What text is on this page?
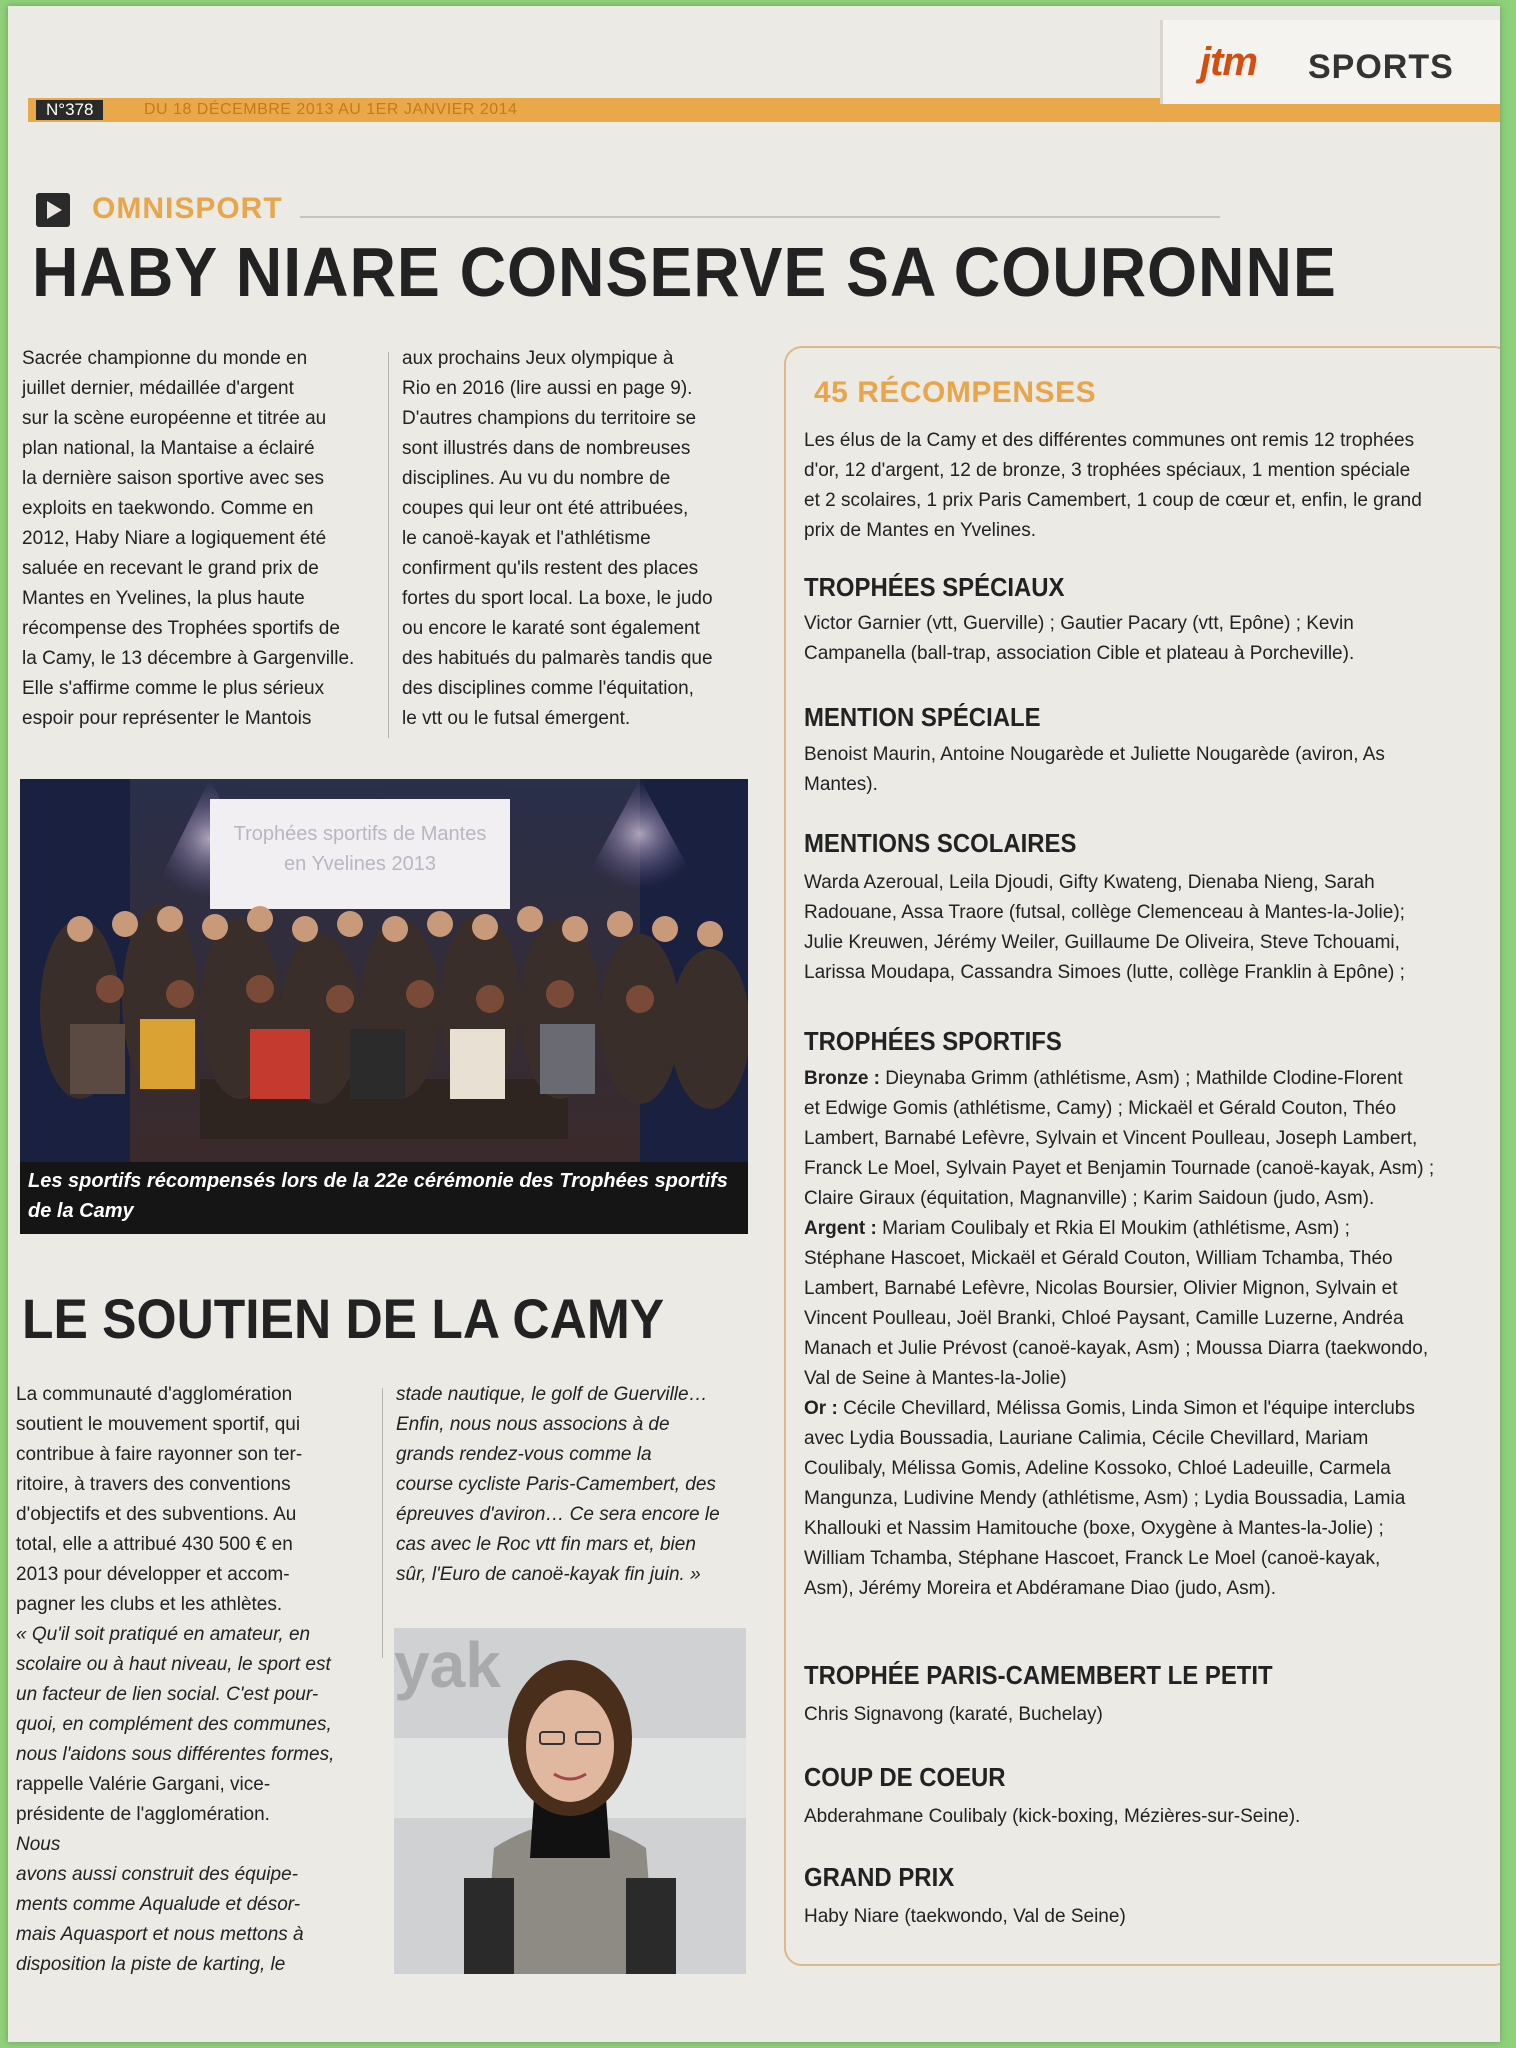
N°378	DU 18 DÉCEMBRE 2013 AU 1ER JANVIER 2014
jtm SPORTS
OMNISPORT
HABY NIARE CONSERVE SA COURONNE
Sacrée championne du monde en
juillet dernier, médaillée d'argent
sur la scène européenne et titrée au
plan national, la Mantaise a éclairé
la dernière saison sportive avec ses
exploits en taekwondo. Comme en
2012, Haby Niare a logiquement été
saluée en recevant le grand prix de
Mantes en Yvelines, la plus haute
récompense des Trophées sportifs de
la Camy, le 13 décembre à Gargenville.
Elle s'affirme comme le plus sérieux
espoir pour représenter le Mantois
aux prochains Jeux olympique à
Rio en 2016 (lire aussi en page 9).
D'autres champions du territoire se
sont illustrés dans de nombreuses
disciplines. Au vu du nombre de
coupes qui leur ont été attribuées,
le canoë-kayak et l'athlétisme
confirment qu'ils restent des places
fortes du sport local. La boxe, le judo
ou encore le karaté sont également
des habitués du palmarès tandis que
des disciplines comme l'équitation,
le vtt ou le futsal émergent.
Trophées sportifs de Mantes en Yvelines 2013
Les sportifs récompensés lors de la 22e cérémonie des Trophées sportifs de la Camy
LE SOUTIEN DE LA CAMY
La communauté d'agglomération
soutient le mouvement sportif, qui
contribue à faire rayonner son ter-
ritoire, à travers des conventions
d'objectifs et des subventions. Au
total, elle a attribué 430 500 € en
2013 pour développer et accom-
pagner les clubs et les athlètes.
« Qu'il soit pratiqué en amateur, en
scolaire ou à haut niveau, le sport est
un facteur de lien social. C'est pour-
quoi, en complément des communes,
nous l'aidons sous différentes formes,
rappelle Valérie Gargani, vice-
présidente de l'agglomération.
Nous
avons aussi construit des équipe-
ments comme Aqualude et désor-
mais Aquasport et nous mettons à
disposition la piste de karting, le
stade nautique, le golf de Guerville…
Enfin, nous nous associons à de
grands rendez-vous comme la
course cycliste Paris-Camembert, des
épreuves d'aviron… Ce sera encore le
cas avec le Roc vtt fin mars et, bien
sûr, l'Euro de canoë-kayak fin juin. »
yak
45 RÉCOMPENSES
Les élus de la Camy et des différentes communes ont remis 12 trophées
d'or, 12 d'argent, 12 de bronze, 3 trophées spéciaux, 1 mention spéciale
et 2 scolaires, 1 prix Paris Camembert, 1 coup de cœur et, enfin, le grand
prix de Mantes en Yvelines.
TROPHÉES SPÉCIAUX
Victor Garnier (vtt, Guerville) ; Gautier Pacary (vtt, Epône) ; Kevin
Campanella (ball-trap, association Cible et plateau à Porcheville).
MENTION SPÉCIALE
Benoist Maurin, Antoine Nougarède et Juliette Nougarède (aviron, As
Mantes).
MENTIONS SCOLAIRES
Warda Azeroual, Leila Djoudi, Gifty Kwateng, Dienaba Nieng, Sarah
Radouane, Assa Traore (futsal, collège Clemenceau à Mantes-la-Jolie);
Julie Kreuwen, Jérémy Weiler, Guillaume De Oliveira, Steve Tchouami,
Larissa Moudapa, Cassandra Simoes (lutte, collège Franklin à Epône) ;
TROPHÉES SPORTIFS
Bronze : Dieynaba Grimm (athlétisme, Asm) ; Mathilde Clodine-Florent
et Edwige Gomis (athlétisme, Camy) ; Mickaël et Gérald Couton, Théo
Lambert, Barnabé Lefèvre, Sylvain et Vincent Poulleau, Joseph Lambert,
Franck Le Moel, Sylvain Payet et Benjamin Tournade (canoë-kayak, Asm) ;
Claire Giraux (équitation, Magnanville) ; Karim Saidoun (judo, Asm).
Argent : Mariam Coulibaly et Rkia El Moukim (athlétisme, Asm) ;
Stéphane Hascoet, Mickaël et Gérald Couton, William Tchamba, Théo
Lambert, Barnabé Lefèvre, Nicolas Boursier, Olivier Mignon, Sylvain et
Vincent Poulleau, Joël Branki, Chloé Paysant, Camille Luzerne, Andréa
Manach et Julie Prévost (canoë-kayak, Asm) ; Moussa Diarra (taekwondo,
Val de Seine à Mantes-la-Jolie)
Or : Cécile Chevillard, Mélissa Gomis, Linda Simon et l'équipe interclubs
avec Lydia Boussadia, Lauriane Calimia, Cécile Chevillard, Mariam
Coulibaly, Mélissa Gomis, Adeline Kossoko, Chloé Ladeuille, Carmela
Mangunza, Ludivine Mendy (athlétisme, Asm) ; Lydia Boussadia, Lamia
Khallouki et Nassim Hamitouche (boxe, Oxygène à Mantes-la-Jolie) ;
William Tchamba, Stéphane Hascoet, Franck Le Moel (canoë-kayak,
Asm), Jérémy Moreira et Abdéramane Diao (judo, Asm).
TROPHÉE PARIS-CAMEMBERT LE PETIT
Chris Signavong (karaté, Buchelay)
COUP DE COEUR
Abderahmane Coulibaly (kick-boxing, Mézières-sur-Seine).
GRAND PRIX
Haby Niare (taekwondo, Val de Seine)
